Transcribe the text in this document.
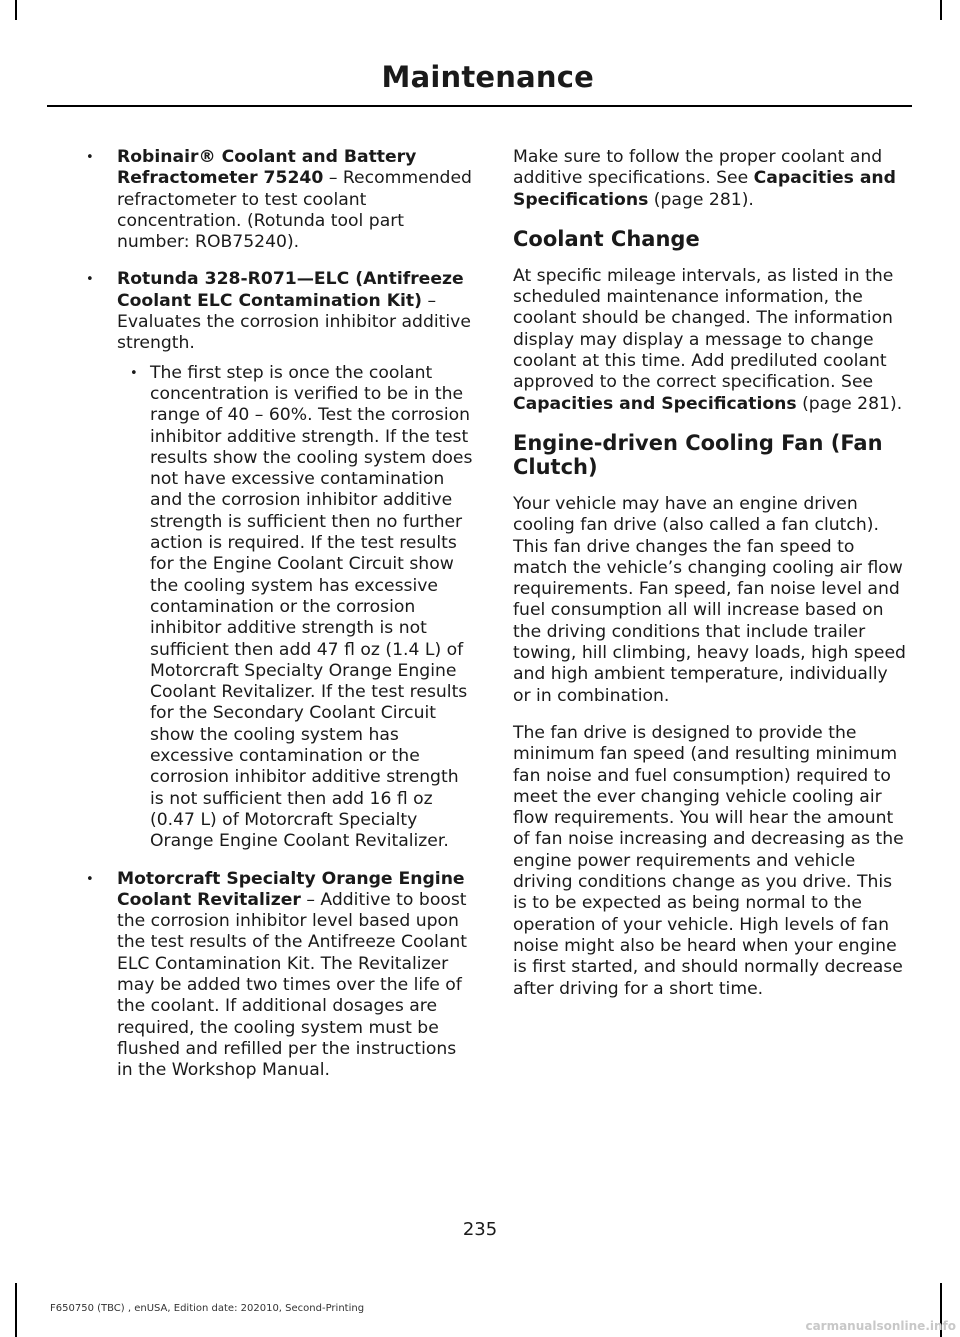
Maintenance
• Robinair® Coolant and Battery Refractometer 75240 – Recommended refractometer to test coolant concentration. (Rotunda tool part number: ROB75240).
• Rotunda 328-R071—ELC (Antifreeze Coolant ELC Contamination Kit) – Evaluates the corrosion inhibitor additive strength.
• The first step is once the coolant concentration is verified to be in the range of 40 – 60%. Test the corrosion inhibitor additive strength. If the test results show the cooling system does not have excessive contamination and the corrosion inhibitor additive strength is sufficient then no further action is required. If the test results for the Engine Coolant Circuit show the cooling system has excessive contamination or the corrosion inhibitor additive strength is not sufficient then add 47 fl oz (1.4 L) of Motorcraft Specialty Orange Engine Coolant Revitalizer. If the test results for the Secondary Coolant Circuit show the cooling system has excessive contamination or the corrosion inhibitor additive strength is not sufficient then add 16 fl oz (0.47 L) of Motorcraft Specialty Orange Engine Coolant Revitalizer.
• Motorcraft Specialty Orange Engine Coolant Revitalizer – Additive to boost the corrosion inhibitor level based upon the test results of the Antifreeze Coolant ELC Contamination Kit. The Revitalizer may be added two times over the life of the coolant. If additional dosages are required, the cooling system must be flushed and refilled per the instructions in the Workshop Manual.

Make sure to follow the proper coolant and additive specifications. See Capacities and Specifications (page 281).

Coolant Change

At specific mileage intervals, as listed in the scheduled maintenance information, the coolant should be changed. The information display may display a message to change coolant at this time. Add prediluted coolant approved to the correct specification. See Capacities and Specifications (page 281).

Engine-driven Cooling Fan (Fan Clutch)

Your vehicle may have an engine driven cooling fan drive (also called a fan clutch). This fan drive changes the fan speed to match the vehicle’s changing cooling air flow requirements. Fan speed, fan noise level and fuel consumption all will increase based on the driving conditions that include trailer towing, hill climbing, heavy loads, high speed and high ambient temperature, individually or in combination.

The fan drive is designed to provide the minimum fan speed (and resulting minimum fan noise and fuel consumption) required to meet the ever changing vehicle cooling air flow requirements. You will hear the amount of fan noise increasing and decreasing as the engine power requirements and vehicle driving conditions change as you drive. This is to be expected as being normal to the operation of your vehicle. High levels of fan noise might also be heard when your engine is first started, and should normally decrease after driving for a short time.

235
F650750 (TBC) , enUSA, Edition date: 202010, Second-Printing
carmanualsonline.info
